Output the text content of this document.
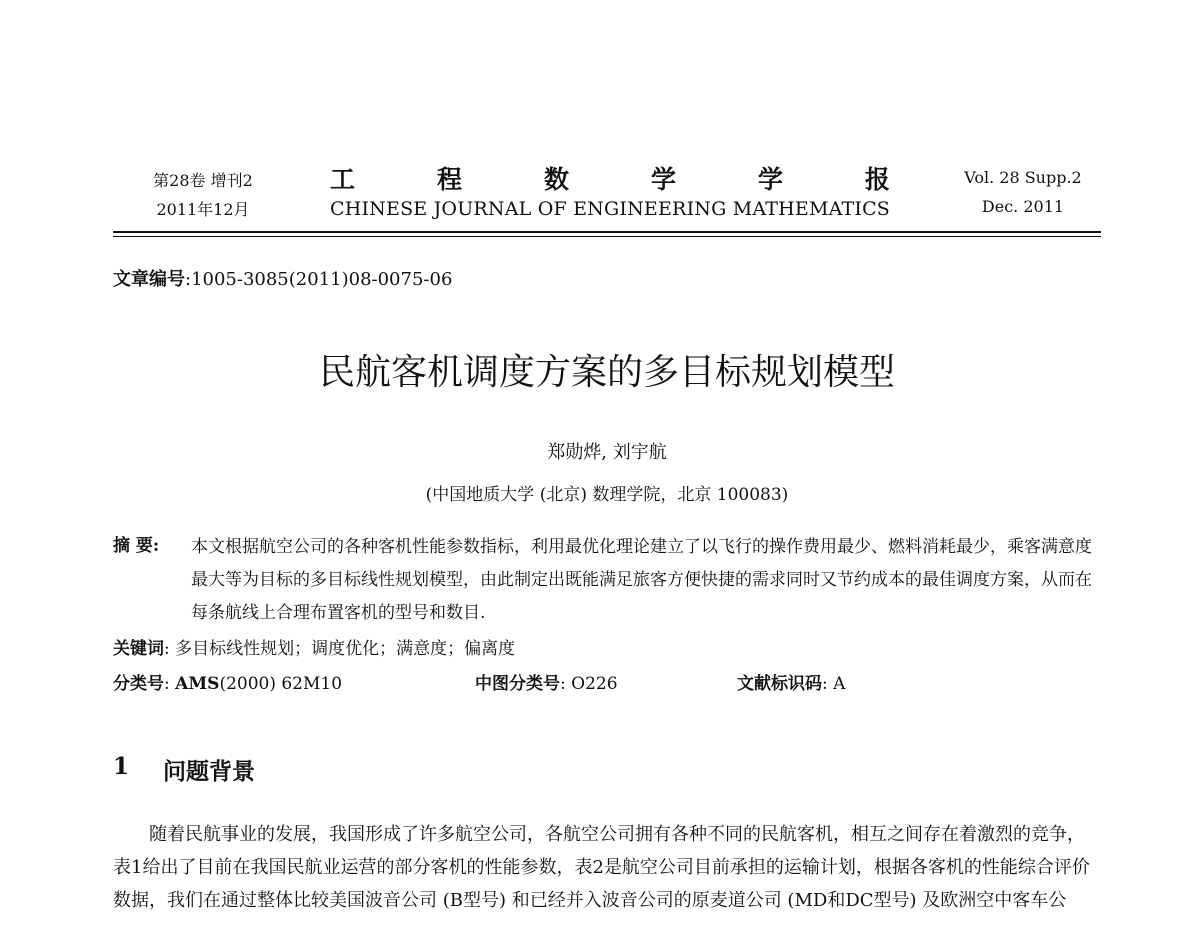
第28卷 增刊2
2011年12月
工	程	数	学	学	报
CHINESE JOURNAL OF ENGINEERING MATHEMATICS
Vol. 28 Supp.2
Dec. 2011
文章编号:1005-3085(2011)08-0075-06
民航客机调度方案的多目标规划模型
郑勋烨, 刘宇航
(中国地质大学 (北京) 数理学院，北京 100083)
摘 要: 本文根据航空公司的各种客机性能参数指标，利用最优化理论建立了以飞行的操作费用最少、燃料消耗最少，乘客满意度最大等为目标的多目标线性规划模型，由此制定出既能满足旅客方便快捷的需求同时又节约成本的最佳调度方案，从而在每条航线上合理布置客机的型号和数目.
关键词: 多目标线性规划；调度优化；满意度；偏离度
分类号: AMS(2000) 62M10	中图分类号: O226	文献标识码: A
1 问题背景

随着民航事业的发展，我国形成了许多航空公司，各航空公司拥有各种不同的民航客机，相互之间存在着激烈的竞争，表1给出了目前在我国民航业运营的部分客机的性能参数，表2是航空公司目前承担的运输计划，根据各客机的性能综合评价数据，我们在通过整体比较美国波音公司 (B型号) 和已经并入波音公司的原麦道公司 (MD和DC型号) 及欧洲空中客车公
